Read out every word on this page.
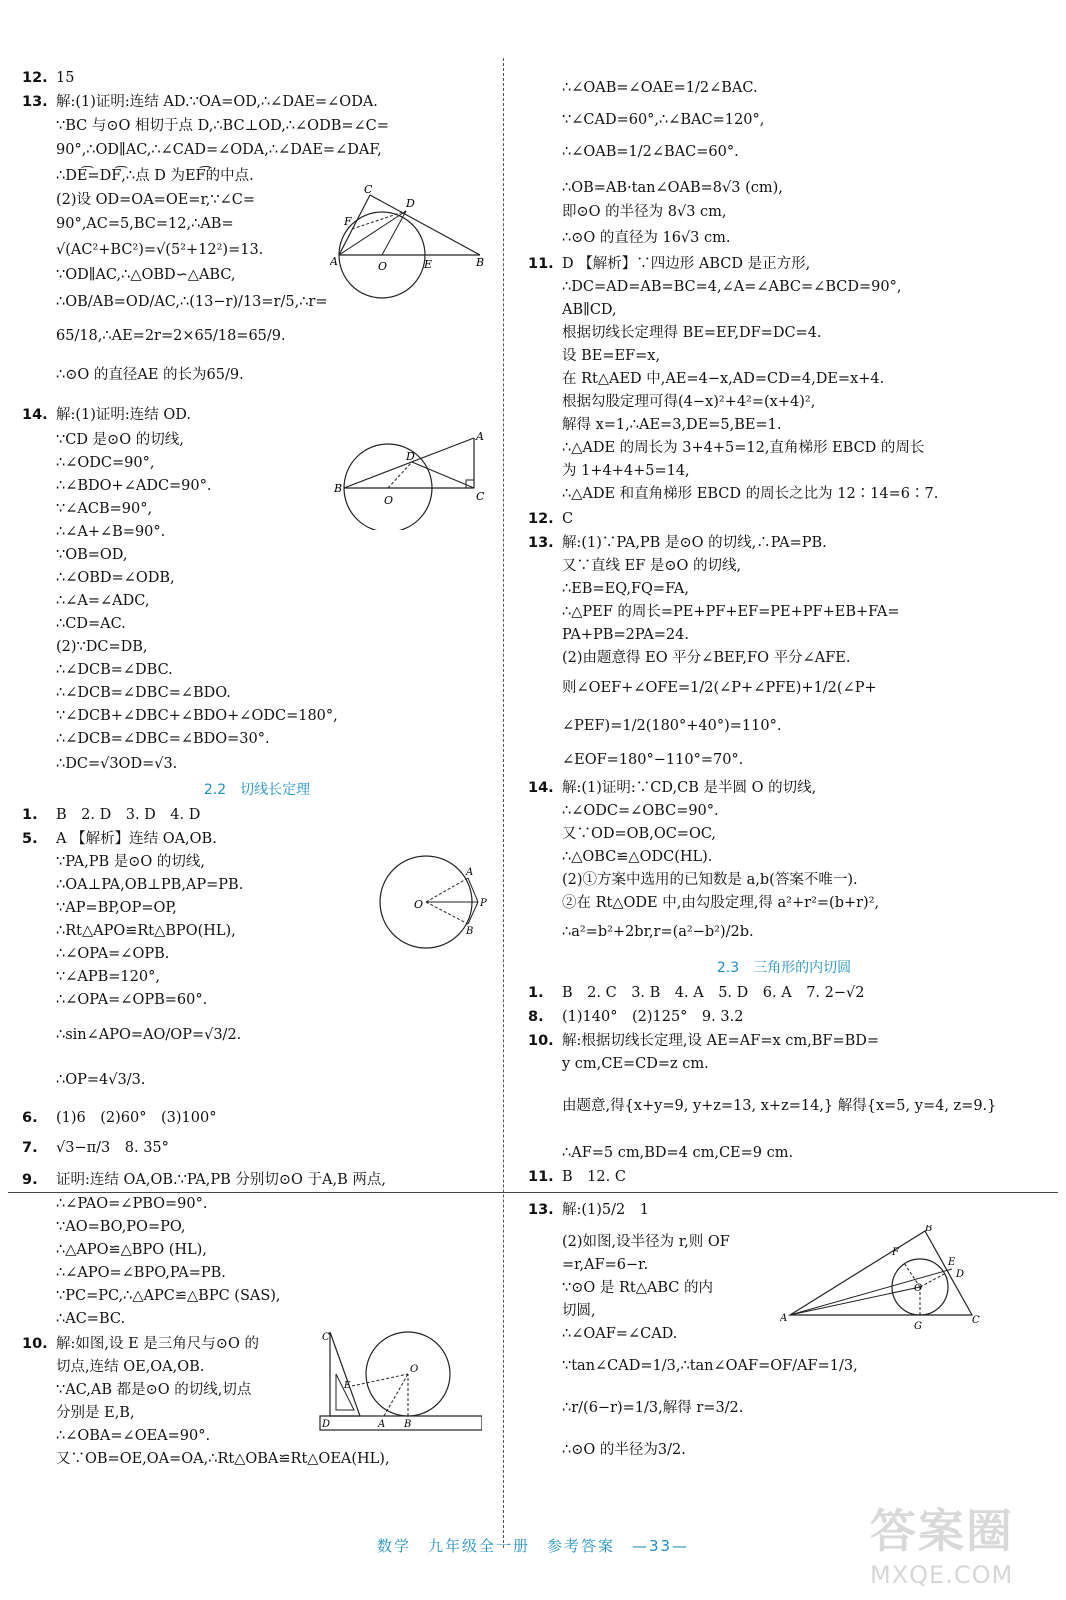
12. 15
13. 解:(1)证明:连结 AD.∵OA=OD,∴∠DAE=∠ODA.
∵BC 与⊙O 相切于点 D,∴BC⊥OD,∴∠ODB=∠C=
90°,∴OD∥AC,∴∠CAD=∠ODA,∴∠DAE=∠DAF,
∴DE͡=DF͡,∴点 D 为EF͡的中点.
(2)设 OD=OA=OE=r,∵∠C=
90°,AC=5,BC=12,∴AB=
√(AC²+BC²)=√(5²+12²)=13.
∵OD∥AC,∴△OBD∽△ABC,
∴OB/AB=OD/AC,∴(13−r)/13=r/5,∴r=
65/18,∴AE=2r=2×65/18=65/9.
∴⊙O 的直径AE 的长为65/9.
14. 解:(1)证明:连结 OD.
∵CD 是⊙O 的切线,
∴∠ODC=90°,
∴∠BDO+∠ADC=90°.
∵∠ACB=90°,
∴∠A+∠B=90°.
∵OB=OD,
∴∠OBD=∠ODB,
∴∠A=∠ADC,
∴CD=AC.
(2)∵DC=DB,
∴∠DCB=∠DBC.
∴∠DCB=∠DBC=∠BDO.
∵∠DCB+∠DBC+∠BDO+∠ODC=180°,
∴∠DCB=∠DBC=∠BDO=30°.
∴DC=√3OD=√3.
2.2　切线长定理
1. B　2. D　3. D　4. D
5. A 【解析】连结 OA,OB.
∵PA,PB 是⊙O 的切线,
∴OA⊥PA,OB⊥PB,AP=PB.
∵AP=BP,OP=OP,
∴Rt△APO≌Rt△BPO(HL),
∴∠OPA=∠OPB.
∵∠APB=120°,
∴∠OPA=∠OPB=60°.
∴sin∠APO=AO/OP=√3/2.
∴OP=4√3/3.
6. (1)6　(2)60°　(3)100°
7. √3−π/3　8. 35°
9. 证明:连结 OA,OB.∵PA,PB 分别切⊙O 于A,B 两点,
∴∠PAO=∠PBO=90°.
∵AO=BO,PO=PO,
∴△APO≌△BPO (HL),
∴∠APO=∠BPO,PA=PB.
∵PC=PC,∴△APC≌△BPC (SAS),
∴AC=BC.
10. 解:如图,设 E 是三角尺与⊙O 的
切点,连结 OE,OA,OB.
∵AC,AB 都是⊙O 的切线,切点
分别是 E,B,
∴∠OBA=∠OEA=90°.
又∵OB=OE,OA=OA,∴Rt△OBA≌Rt△OEA(HL),
∴∠OAB=∠OAE=1/2∠BAC.
∵∠CAD=60°,∴∠BAC=120°,
∴∠OAB=1/2∠BAC=60°.
∴OB=AB·tan∠OAB=8√3 (cm),
即⊙O 的半径为 8√3 cm,
∴⊙O 的直径为 16√3 cm.
11. D 【解析】∵四边形 ABCD 是正方形,
∴DC=AD=AB=BC=4,∠A=∠ABC=∠BCD=90°,
AB∥CD,
根据切线长定理得 BE=EF,DF=DC=4.
设 BE=EF=x,
在 Rt△AED 中,AE=4−x,AD=CD=4,DE=x+4.
根据勾股定理可得(4−x)²+4²=(x+4)²,
解得 x=1,∴AE=3,DE=5,BE=1.
∴△ADE 的周长为 3+4+5=12,直角梯形 EBCD 的周长
为 1+4+4+5=14,
∴△ADE 和直角梯形 EBCD 的周长之比为 12∶14=6∶7.
12. C
13. 解:(1)∵PA,PB 是⊙O 的切线,∴PA=PB.
又∵直线 EF 是⊙O 的切线,
∴EB=EQ,FQ=FA,
∴△PEF 的周长=PE+PF+EF=PE+PF+EB+FA=
PA+PB=2PA=24.
(2)由题意得 EO 平分∠BEF,FO 平分∠AFE.
则∠OEF+∠OFE=1/2(∠P+∠PFE)+1/2(∠P+
∠PEF)=1/2(180°+40°)=110°.
∠EOF=180°−110°=70°.
14. 解:(1)证明:∵CD,CB 是半圆 O 的切线,
∴∠ODC=∠OBC=90°.
又∵OD=OB,OC=OC,
∴△OBC≌△ODC(HL).
(2)①方案中选用的已知数是 a,b(答案不唯一).
②在 Rt△ODE 中,由勾股定理,得 a²+r²=(b+r)²,
∴a²=b²+2br,r=(a²−b²)/2b.
2.3　三角形的内切圆
1. B　2. C　3. B　4. A　5. D　6. A　7. 2−√2
8. (1)140°　(2)125°　9. 3.2
10. 解:根据切线长定理,设 AE=AF=x cm,BF=BD=
y cm,CE=CD=z cm.
由题意,得{x+y=9, y+z=13, x+z=14,} 解得{x=5, y=4, z=9.}
∴AF=5 cm,BD=4 cm,CE=9 cm.
11. B　12. C
13. 解:(1)5/2　1
(2)如图,设半径为 r,则 OF
=r,AF=6−r.
∵⊙O 是 Rt△ABC 的内
切圆,
∴∠OAF=∠CAD.
∵tan∠CAD=1/3,∴tan∠OAF=OF/AF=1/3,
∴r/(6−r)=1/3,解得 r=3/2.
∴⊙O 的半径为3/2.
C
F
D
A	O	E	B
A
D
B
O	C
A
O	P
B
C
E
O
D	A B
B
F
E
D
O
A
G
C
数学　九年级全一册　参考答案　—33—	答案圈
MXQE.COM
